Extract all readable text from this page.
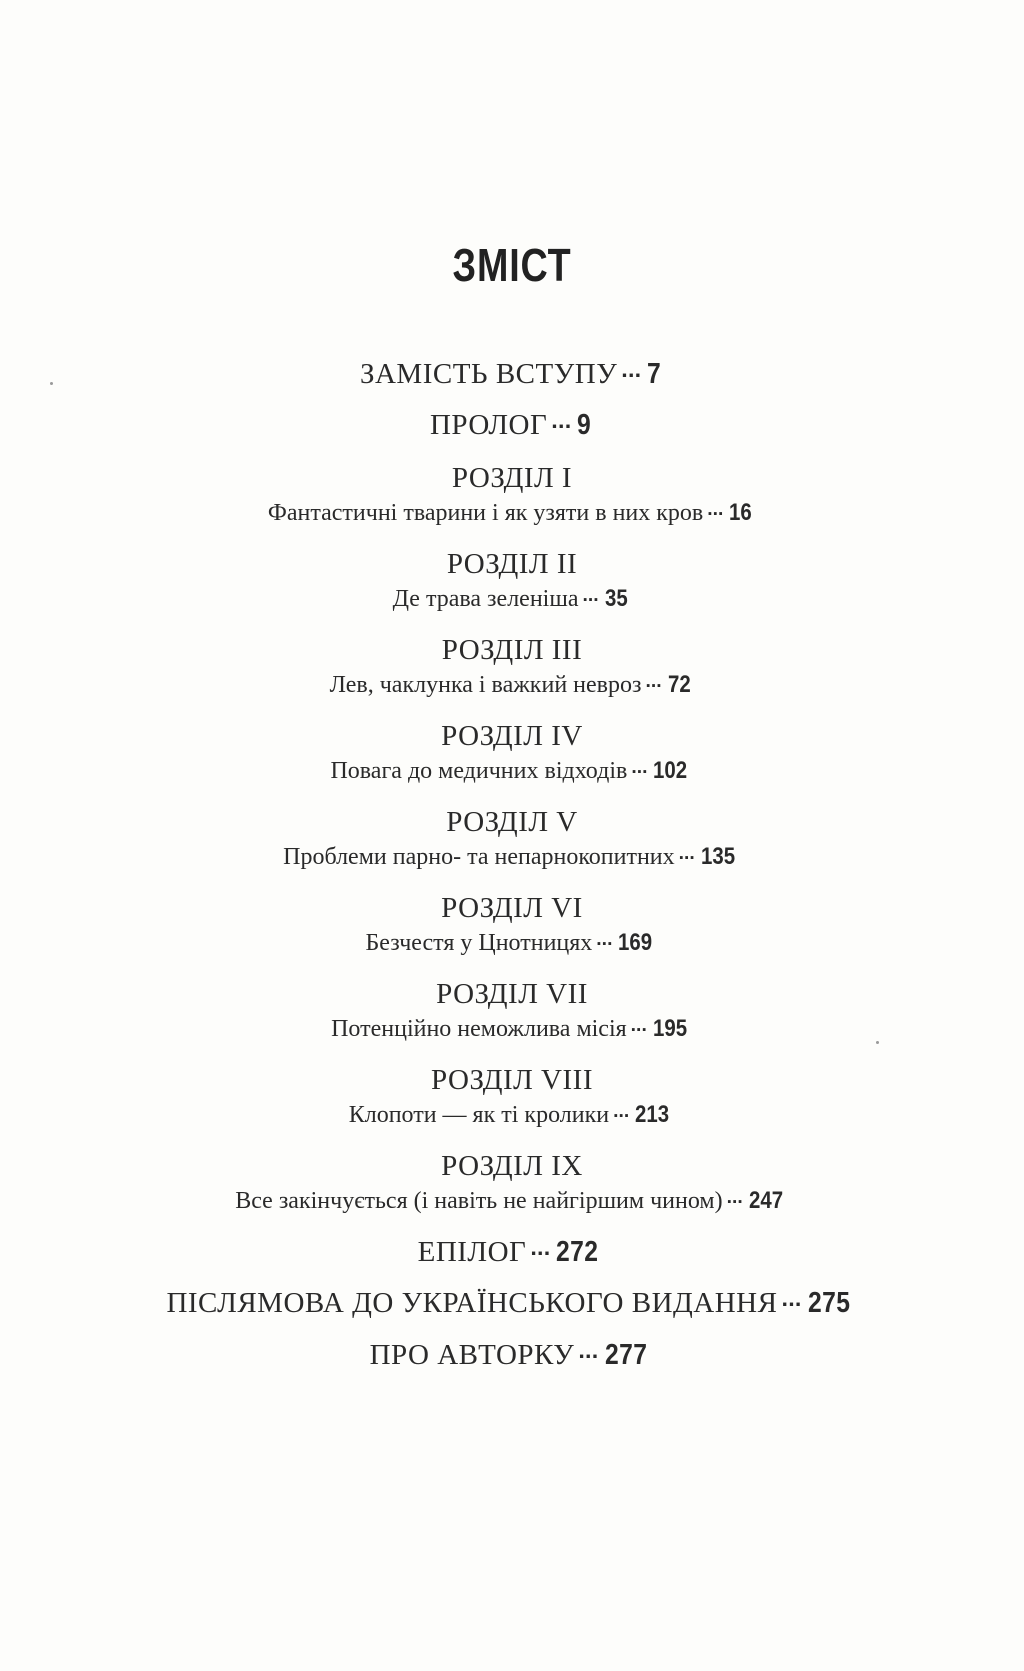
ЗМІСТ
ЗАМІСТЬ ВСТУПУ ··· 7
ПРОЛОГ ··· 9
РОЗДІЛ I
Фантастичні тварини і як узяти в них кров ··· 16
РОЗДІЛ II
Де трава зеленіша ··· 35
РОЗДІЛ III
Лев, чаклунка і важкий невроз ··· 72
РОЗДІЛ IV
Повага до медичних відходів ··· 102
РОЗДІЛ V
Проблеми парно- та непарнокопитних ··· 135
РОЗДІЛ VI
Безчестя у Цнотницях ··· 169
РОЗДІЛ VII
Потенційно неможлива місія ··· 195
РОЗДІЛ VIII
Клопоти — як ті кролики ··· 213
РОЗДІЛ IX
Все закінчується (і навіть не найгіршим чином) ··· 247
ЕПІЛОГ ··· 272
ПІСЛЯМОВА ДО УКРАЇНСЬКОГО ВИДАННЯ ··· 275
ПРО АВТОРКУ ··· 277
